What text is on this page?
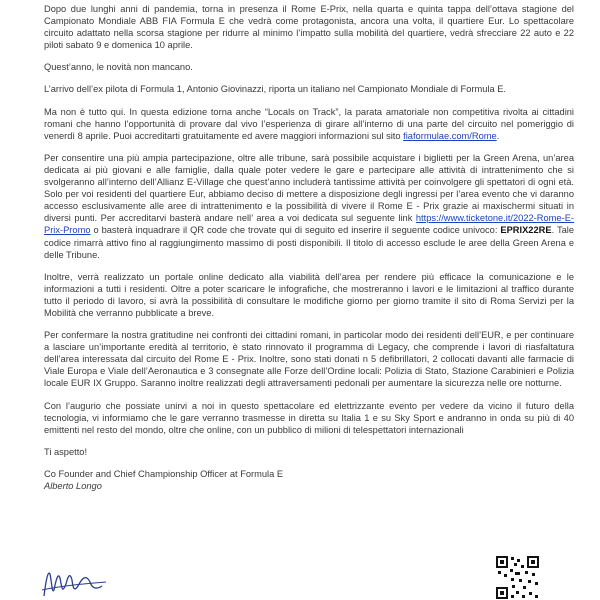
Dopo due lunghi anni di pandemia, torna in presenza il Rome E-Prix, nella quarta e quinta tappa dell’ottava stagione del Campionato Mondiale ABB FIA Formula E che vedrà come protagonista, ancora una volta, il quartiere Eur. Lo spettacolare circuito adattato nella scorsa stagione per ridurre al minimo l’impatto sulla mobilità del quartiere, vedrà sfrecciare 22 auto e 22 piloti sabato 9 e domenica 10 aprile.

Quest’anno, le novità non mancano.

L’arrivo dell’ex pilota di Formula 1, Antonio Giovinazzi, riporta un italiano nel Campionato Mondiale di Formula E.

Ma non è tutto qui. In questa edizione torna anche “Locals on Track”, la parata amatoriale non competitiva rivolta ai cittadini romani che hanno l’opportunità di provare dal vivo l’esperienza di girare all’interno di una parte del circuito nel pomeriggio di venerdì 8 aprile. Puoi accreditarti gratuitamente ed avere maggiori informazioni sul sito fiaformulae.com/Rome.

Per consentire una più ampia partecipazione, oltre alle tribune, sarà possibile acquistare i biglietti per la Green Arena, un’area dedicata ai più giovani e alle famiglie, dalla quale poter vedere le gare e partecipare alle attività di intrattenimento che si svolgeranno all’interno dell’Allianz E-Village che quest’anno includerà tantissime attività per coinvolgere gli spettatori di ogni età. Solo per voi residenti del quartiere Eur, abbiamo deciso di mettere a disposizione degli ingressi per l’area evento che vi daranno accesso esclusivamente alle aree di intrattenimento e la possibilità di vivere il Rome E - Prix grazie ai maxischermi situati in diversi punti. Per accreditarvi basterà andare nell’ area a voi dedicata sul seguente link https://www.ticketone.it/2022-Rome-E-Prix-Promo o basterà inquadrare il QR code che trovate qui di seguito ed inserire il seguente codice univoco: EPRIX22RE. Tale codice rimarrà attivo fino al raggiungimento massimo di posti disponibili. Il titolo di accesso esclude le aree della Green Arena e delle Tribune.

Inoltre, verrà realizzato un portale online dedicato alla viabilità dell’area per rendere più efficace la comunicazione e le informazioni a tutti i residenti. Oltre a poter scaricare le infografiche, che mostreranno i lavori e le limitazioni al traffico durante tutto il periodo di lavoro, si avrà la possibilità di consultare le modifiche giorno per giorno tramite il sito di Roma Servizi per la Mobilità che verranno pubblicate a breve.

Per confermare la nostra gratitudine nei confronti dei cittadini romani, in particolar modo dei residenti dell’EUR, e per continuare a lasciare un’importante eredità al territorio, è stato rinnovato il programma di Legacy, che comprende i lavori di riasfaltatura dell’area interessata dal circuito del Rome E - Prix. Inoltre, sono stati donati n 5 defibrillatori, 2 collocati davanti alle farmacie di Viale Europa e Viale dell’Aeronautica e 3 consegnate alle Forze dell’Ordine locali: Polizia di Stato, Stazione Carabinieri e Polizia locale EUR IX Gruppo. Saranno inoltre realizzati degli attraversamenti pedonali per aumentare la sicurezza nelle ore notturne.

Con l’augurio che possiate unirvi a noi in questo spettacolare ed elettrizzante evento per vedere da vicino il futuro della tecnologia, vi informiamo che le gare verranno trasmesse in diretta su Italia 1 e su Sky Sport e andranno in onda su più di 40 emittenti nel resto del mondo, oltre che online, con un pubblico di milioni di telespettatori internazionali

Ti aspetto!

Co Founder and Chief Championship Officer at Formula E

Alberto Longo
